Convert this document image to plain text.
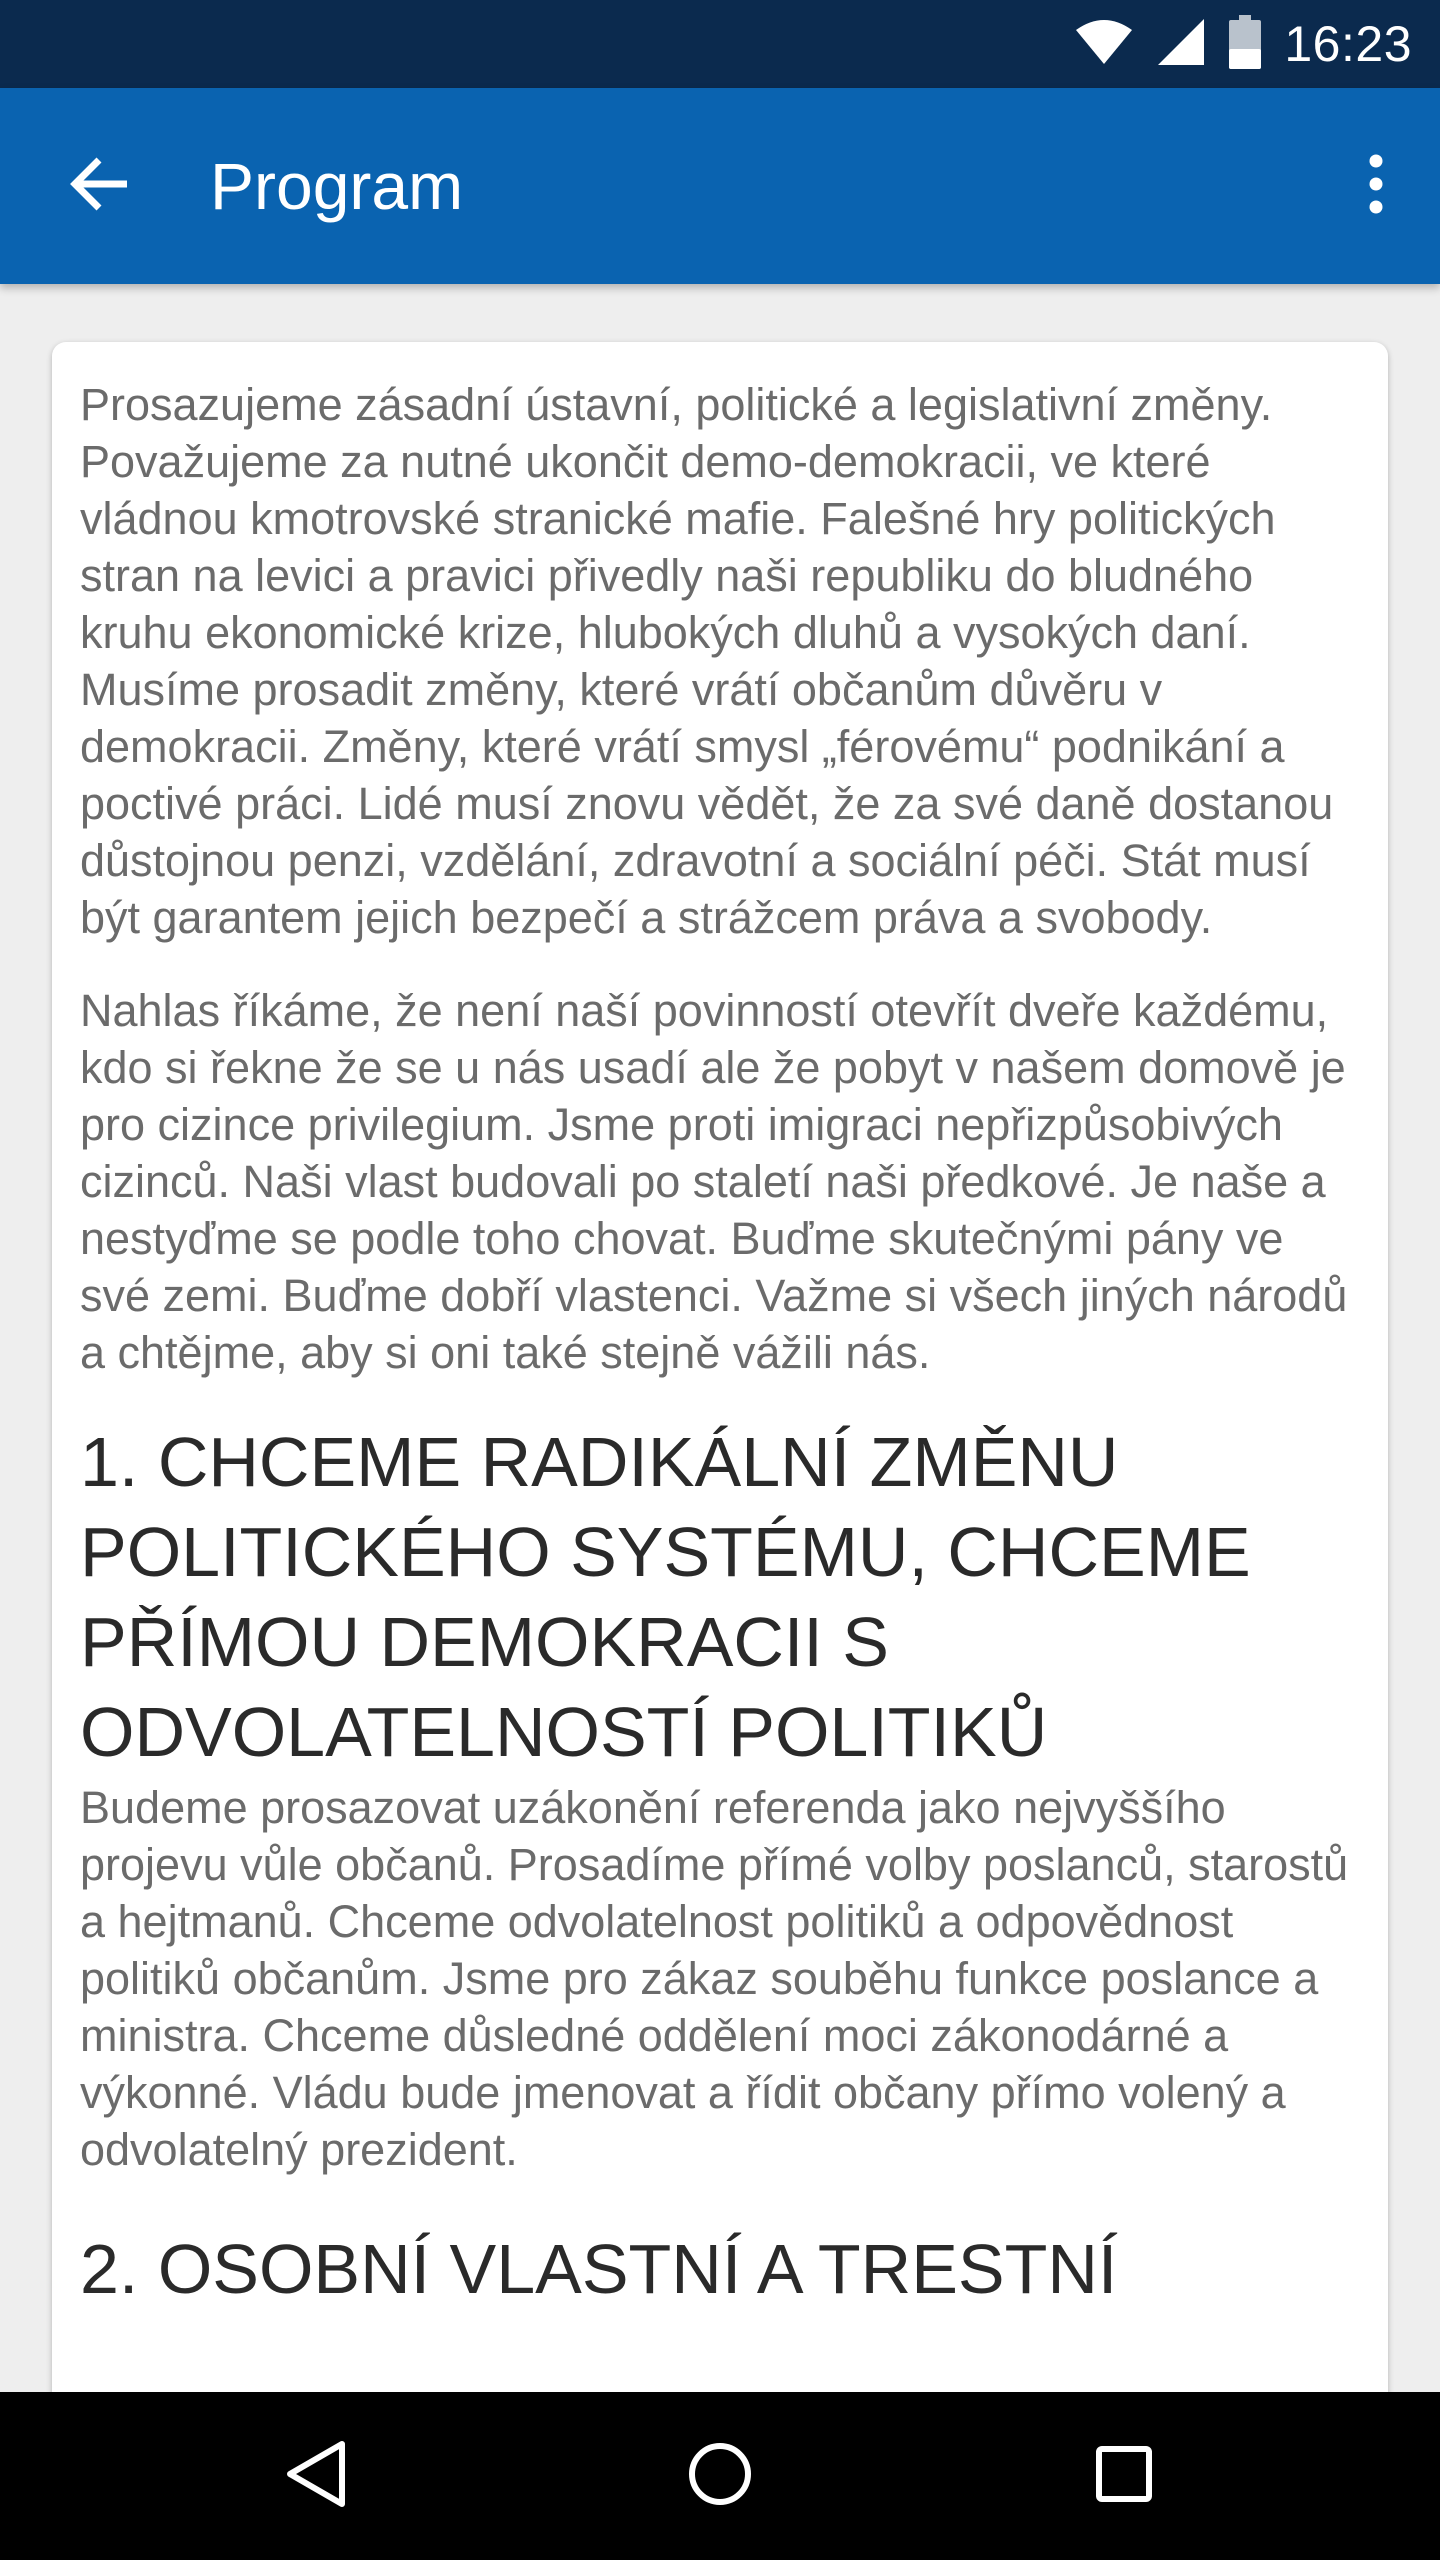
16:23
Program

Prosazujeme zásadní ústavní, politické a legislativní změny. Považujeme za nutné ukončit demo-demokracii, ve které vládnou kmotrovské stranické mafie. Falešné hry politických stran na levici a pravici přivedly naši republiku do bludného kruhu ekonomické krize, hlubokých dluhů a vysokých daní. Musíme prosadit změny, které vrátí občanům důvěru v demokracii. Změny, které vrátí smysl „férovému“ podnikání a poctivé práci. Lidé musí znovu vědět, že za své daně dostanou důstojnou penzi, vzdělání, zdravotní a sociální péči. Stát musí být garantem jejich bezpečí a strážcem práva a svobody.

Nahlas říkáme, že není naší povinností otevřít dveře každému, kdo si řekne že se u nás usadí ale že pobyt v našem domově je pro cizince privilegium. Jsme proti imigraci nepřizpůsobivých cizinců. Naši vlast budovali po staletí naši předkové. Je naše a nestyďme se podle toho chovat. Buďme skutečnými pány ve své zemi. Buďme dobří vlastenci. Važme si všech jiných národů a chtějme, aby si oni také stejně vážili nás.

1. CHCEME RADIKÁLNÍ ZMĚNU POLITICKÉHO SYSTÉMU, CHCEME PŘÍMOU DEMOKRACII S ODVOLATELNOSTÍ POLITIKŮ

Budeme prosazovat uzákonění referenda jako nejvyššího projevu vůle občanů. Prosadíme přímé volby poslanců, starostů a hejtmanů. Chceme odvolatelnost politiků a odpovědnost politiků občanům. Jsme pro zákaz souběhu funkce poslance a ministra. Chceme důsledné oddělení moci zákonodárné a výkonné. Vládu bude jmenovat a řídit občany přímo volený a odvolatelný prezident.

2. OSOBNÍ VLASTNÍ A TRESTNÍ
